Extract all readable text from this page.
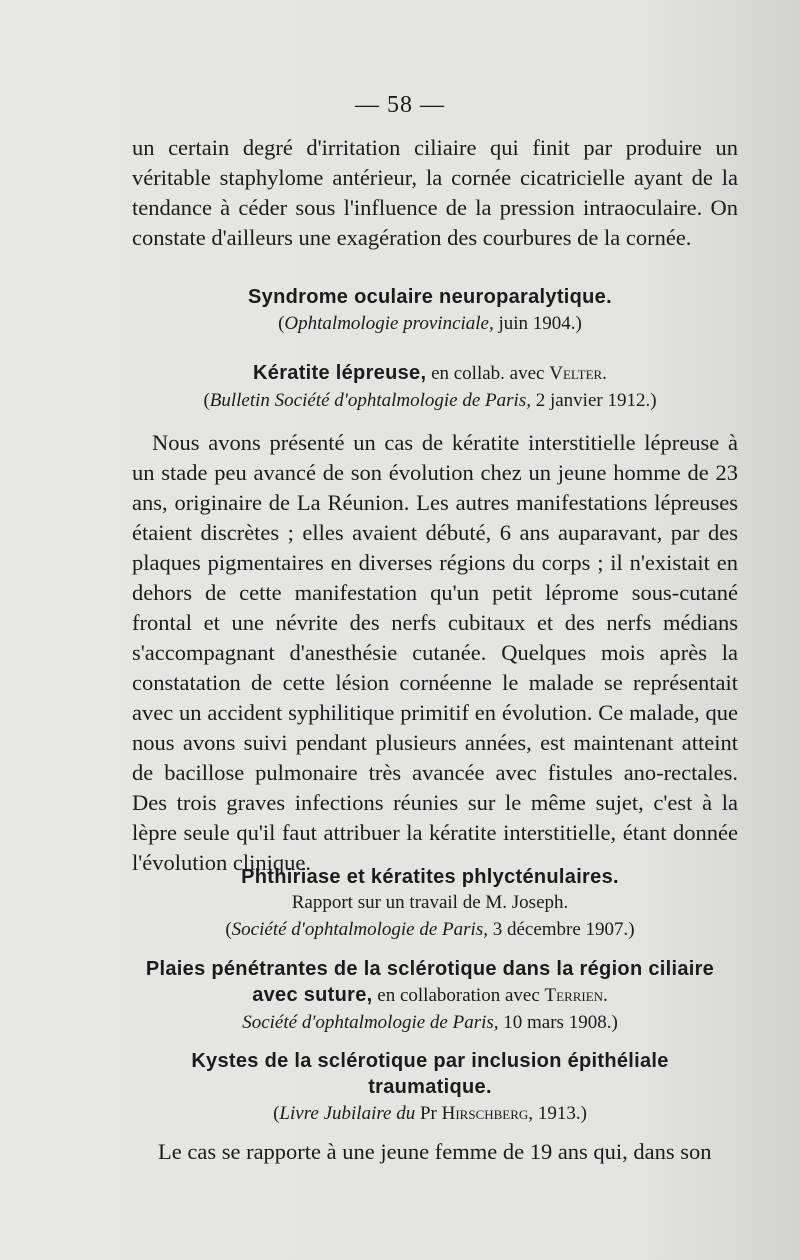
— 58 —

un certain degré d'irritation ciliaire qui finit par produire un véritable staphylome antérieur, la cornée cicatricielle ayant de la tendance à céder sous l'influence de la pression intraoculaire. On constate d'ailleurs une exagération des courbures de la cornée.

Syndrome oculaire neuroparalytique.
(Ophtalmologie provinciale, juin 1904.)
Kératite lépreuse, en collab. avec Velter.
(Bulletin Société d'ophtalmologie de Paris, 2 janvier 1912.)

Nous avons présenté un cas de kératite interstitielle lépreuse à un stade peu avancé de son évolution chez un jeune homme de 23 ans, originaire de La Réunion. Les autres manifestations lépreuses étaient discrètes ; elles avaient débuté, 6 ans auparavant, par des plaques pigmentaires en diverses régions du corps ; il n'existait en dehors de cette manifestation qu'un petit léprome sous-cutané frontal et une névrite des nerfs cubitaux et des nerfs médians s'accompagnant d'anesthésie cutanée. Quelques mois après la constatation de cette lésion cornéenne le malade se représentait avec un accident syphilitique primitif en évolution. Ce malade, que nous avons suivi pendant plusieurs années, est maintenant atteint de bacillose pulmonaire très avancée avec fistules ano-rectales. Des trois graves infections réunies sur le même sujet, c'est à la lèpre seule qu'il faut attribuer la kératite interstitielle, étant donnée l'évolution clinique.

Phthiriase et kératites phlycténulaires.
Rapport sur un travail de M. Joseph.
(Société d'ophtalmologie de Paris, 3 décembre 1907.)
Plaies pénétrantes de la sclérotique dans la région ciliaire
avec suture, en collaboration avec Terrien.
Société d'ophtalmologie de Paris, 10 mars 1908.)
Kystes de la sclérotique par inclusion épithéliale
traumatique.
(Livre Jubilaire du Pr Hirschberg, 1913.)

Le cas se rapporte à une jeune femme de 19 ans qui, dans son
